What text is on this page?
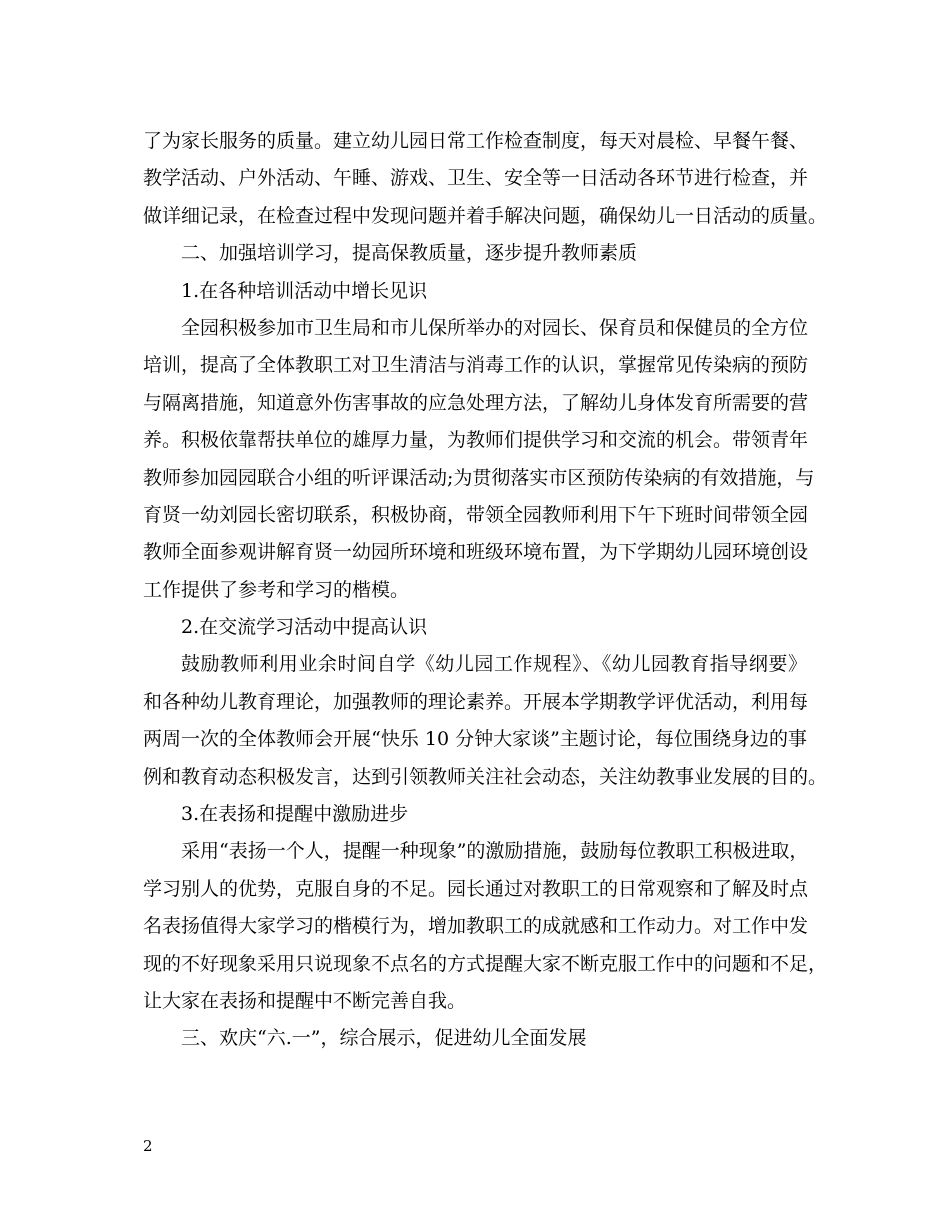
了为家长服务的质量。建立幼儿园日常工作检查制度，每天对晨检、早餐午餐、
教学活动、户外活动、午睡、游戏、卫生、安全等一日活动各环节进行检查，并
做详细记录，在检查过程中发现问题并着手解决问题，确保幼儿一日活动的质量。
二、加强培训学习，提高保教质量，逐步提升教师素质
1.在各种培训活动中增长见识
全园积极参加市卫生局和市儿保所举办的对园长、保育员和保健员的全方位
培训，提高了全体教职工对卫生清洁与消毒工作的认识，掌握常见传染病的预防
与隔离措施，知道意外伤害事故的应急处理方法，了解幼儿身体发育所需要的营
养。积极依靠帮扶单位的雄厚力量，为教师们提供学习和交流的机会。带领青年
教师参加园园联合小组的听评课活动;为贯彻落实市区预防传染病的有效措施，与
育贤一幼刘园长密切联系，积极协商，带领全园教师利用下午下班时间带领全园
教师全面参观讲解育贤一幼园所环境和班级环境布置，为下学期幼儿园环境创设
工作提供了参考和学习的楷模。
2.在交流学习活动中提高认识
鼓励教师利用业余时间自学《幼儿园工作规程》、《幼儿园教育指导纲要》
和各种幼儿教育理论，加强教师的理论素养。开展本学期教学评优活动，利用每
两周一次的全体教师会开展“快乐 10 分钟大家谈”主题讨论，每位围绕身边的事
例和教育动态积极发言，达到引领教师关注社会动态，关注幼教事业发展的目的。
3.在表扬和提醒中激励进步
采用“表扬一个人，提醒一种现象”的激励措施，鼓励每位教职工积极进取，
学习别人的优势，克服自身的不足。园长通过对教职工的日常观察和了解及时点
名表扬值得大家学习的楷模行为，增加教职工的成就感和工作动力。对工作中发
现的不好现象采用只说现象不点名的方式提醒大家不断克服工作中的问题和不足，
让大家在表扬和提醒中不断完善自我。
三、欢庆“六.一”，综合展示，促进幼儿全面发展
2
